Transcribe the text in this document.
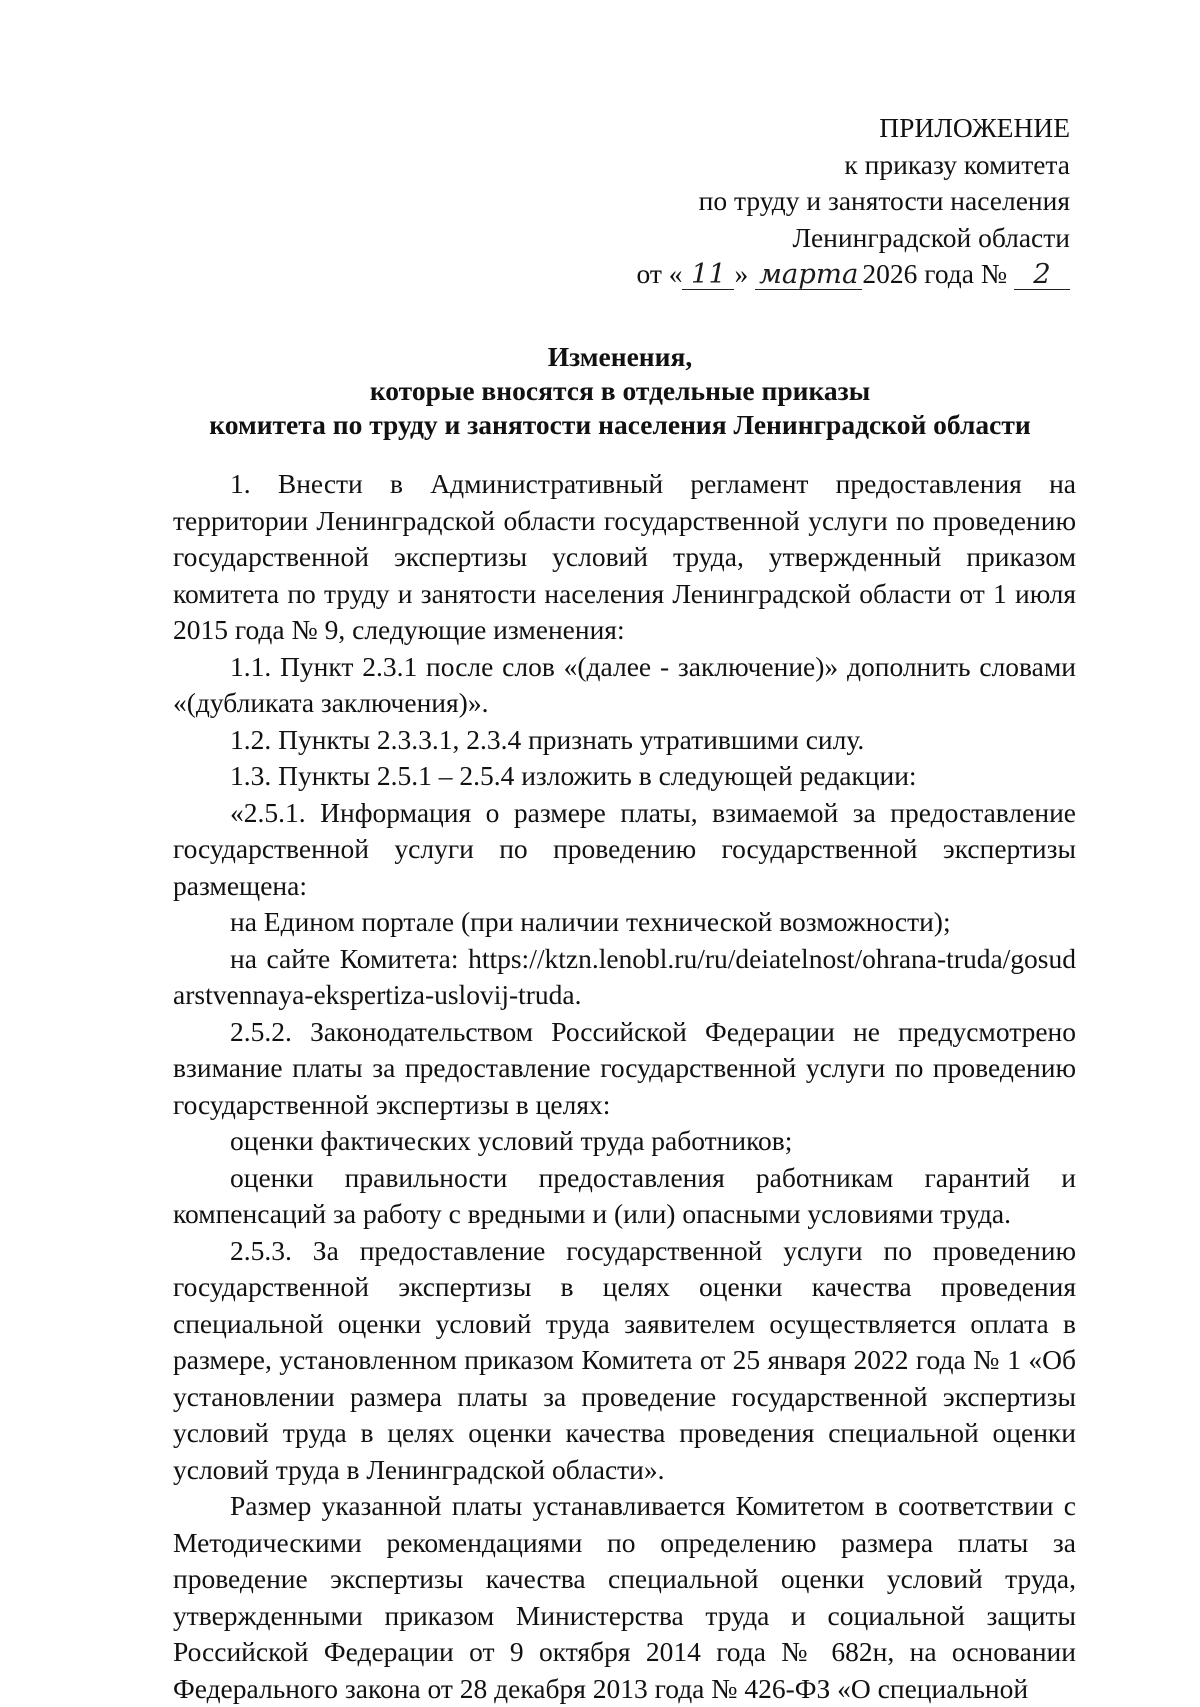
ПРИЛОЖЕНИЕ
к приказу комитета
по труду и занятости населения
Ленинградской области
от « 11 » марта 2026 года № 2
Изменения,
которые вносятся в отдельные приказы
комитета по труду и занятости населения Ленинградской области

1. Внести в Административный регламент предоставления на территории Ленинградской области государственной услуги по проведению государственной экспертизы условий труда, утвержденный приказом комитета по труду и занятости населения Ленинградской области от 1 июля 2015 года № 9, следующие изменения:

1.1. Пункт 2.3.1 после слов «(далее - заключение)» дополнить словами «(дубликата заключения)».

1.2. Пункты 2.3.3.1, 2.3.4 признать утратившими силу.

1.3. Пункты 2.5.1 – 2.5.4 изложить в следующей редакции:

«2.5.1. Информация о размере платы, взимаемой за предоставление государственной услуги по проведению государственной экспертизы размещена:

на Едином портале (при наличии технической возможности);

на сайте Комитета: https://ktzn.lenobl.ru/ru/deiatelnost/ohrana-truda/gosudarstvennaya-ekspertiza-uslovij-truda.

2.5.2. Законодательством Российской Федерации не предусмотрено взимание платы за предоставление государственной услуги по проведению государственной экспертизы в целях:

оценки фактических условий труда работников;

оценки правильности предоставления работникам гарантий и компенсаций за работу с вредными и (или) опасными условиями труда.

2.5.3. За предоставление государственной услуги по проведению государственной экспертизы в целях оценки качества проведения специальной оценки условий труда заявителем осуществляется оплата в размере, установленном приказом Комитета от 25 января 2022 года № 1 «Об установлении размера платы за проведение государственной экспертизы условий труда в целях оценки качества проведения специальной оценки условий труда в Ленинградской области».

Размер указанной платы устанавливается Комитетом в соответствии с Методическими рекомендациями по определению размера платы за проведение экспертизы качества специальной оценки условий труда, утвержденными приказом Министерства труда и социальной защиты Российской Федерации от 9 октября 2014 года № 682н, на основании Федерального закона от 28 декабря 2013 года № 426-ФЗ «О специальной
